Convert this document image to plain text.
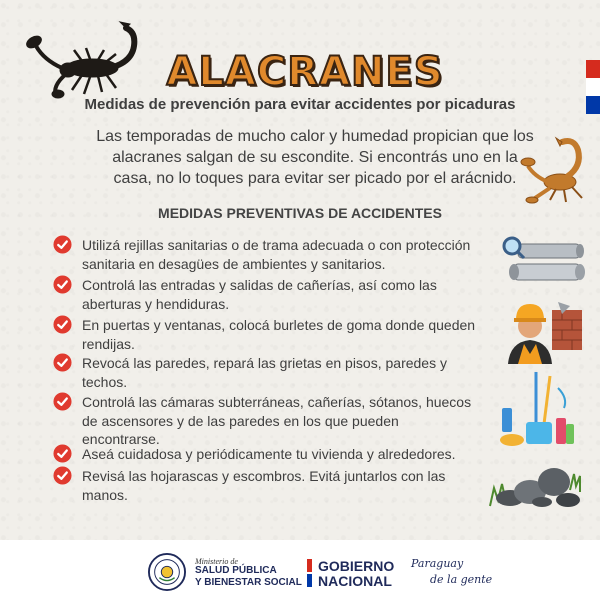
ALACRANES
Medidas de prevención para evitar accidentes por picaduras
Las temporadas de mucho calor y humedad propician que los alacranes salgan de su escondite. Si encontrás uno en la casa, no lo toques para evitar ser picado por el arácnido.
MEDIDAS PREVENTIVAS DE ACCIDENTES
Utilizá rejillas sanitarias o de trama adecuada o con protección sanitaria en desagües de ambientes y sanitarios.
Controlá las entradas y salidas de cañerías, así como las aberturas y hendiduras.
En puertas y ventanas, colocá burletes de goma donde queden rendijas.
Revocá las paredes, repará las grietas en pisos, paredes y techos.
Controlá las cámaras subterráneas, cañerías, sótanos, huecos de ascensores y de las paredes en los que pueden encontrarse.
Aseá cuidadosa y periódicamente tu vivienda y alrededores.
Revisá las hojarascas y escombros. Evitá juntarlos con las manos.
Ministerio de
SALUD PÚBLICA
Y BIENESTAR SOCIAL
GOBIERNO
NACIONAL
Paraguay
de la gente
